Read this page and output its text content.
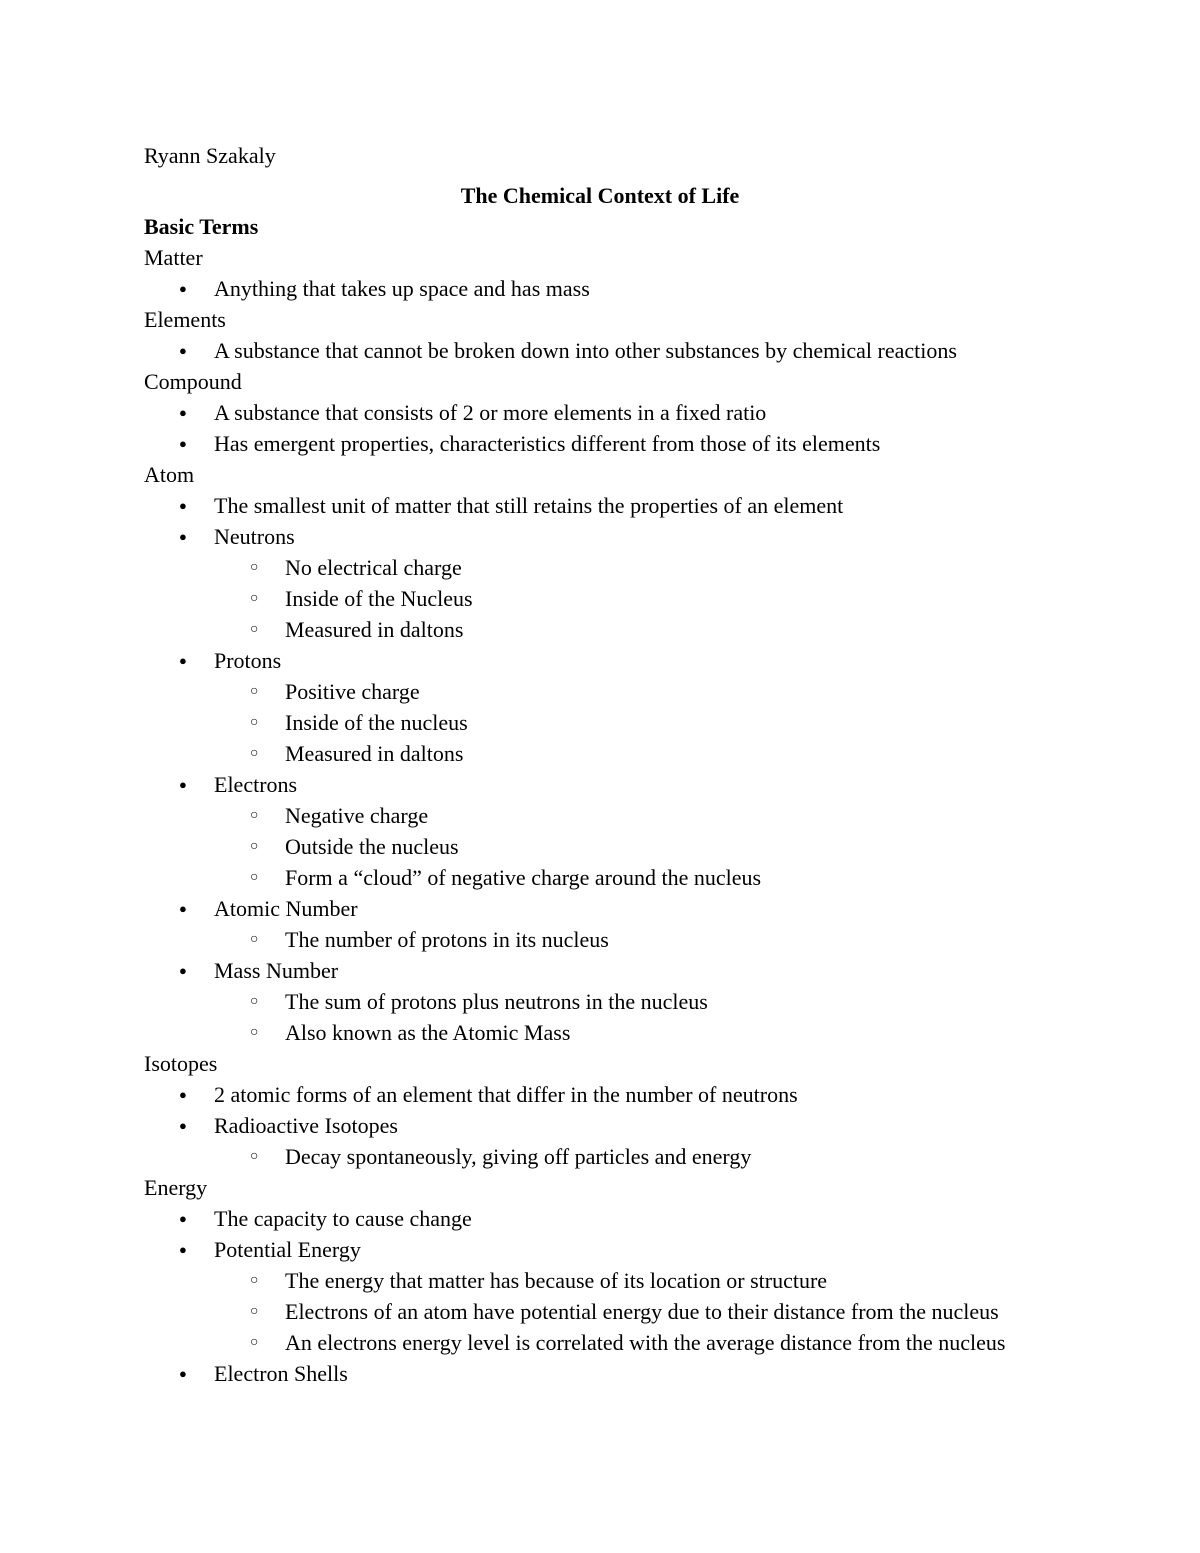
Ryann Szakaly
The Chemical Context of Life
Basic Terms
Matter
● Anything that takes up space and has mass
Elements
● A substance that cannot be broken down into other substances by chemical reactions
Compound
● A substance that consists of 2 or more elements in a fixed ratio
● Has emergent properties, characteristics different from those of its elements
Atom
● The smallest unit of matter that still retains the properties of an element
● Neutrons
○ No electrical charge
○ Inside of the Nucleus
○ Measured in daltons
● Protons
○ Positive charge
○ Inside of the nucleus
○ Measured in daltons
● Electrons
○ Negative charge
○ Outside the nucleus
○ Form a “cloud” of negative charge around the nucleus
● Atomic Number
○ The number of protons in its nucleus
● Mass Number
○ The sum of protons plus neutrons in the nucleus
○ Also known as the Atomic Mass
Isotopes
● 2 atomic forms of an element that differ in the number of neutrons
● Radioactive Isotopes
○ Decay spontaneously, giving off particles and energy
Energy
● The capacity to cause change
● Potential Energy
○ The energy that matter has because of its location or structure
○ Electrons of an atom have potential energy due to their distance from the nucleus
○ An electrons energy level is correlated with the average distance from the nucleus
● Electron Shells
